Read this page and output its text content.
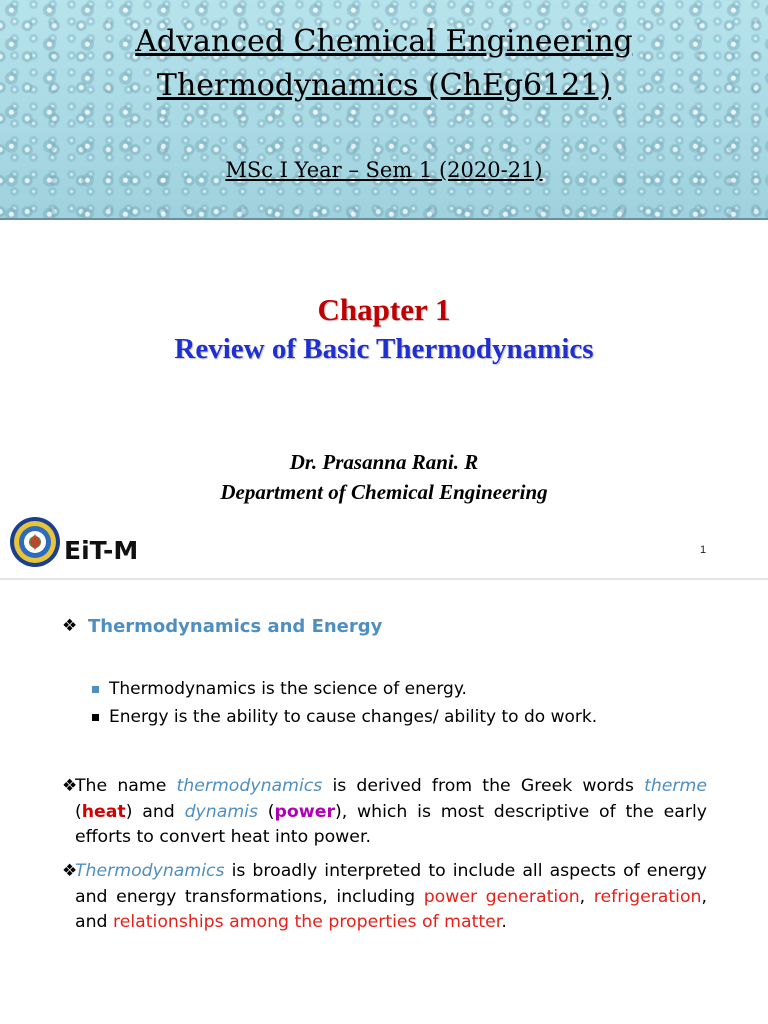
Advanced Chemical Engineering
Thermodynamics (ChEg6121)
MSc I Year – Sem 1 (2020-21)
Chapter 1
Review of Basic Thermodynamics
Dr. Prasanna Rani. R
Department of Chemical Engineering
EiT-M	1
❖ Thermodynamics and Energy
Thermodynamics is the science of energy.
Energy is the ability to cause changes/ ability to do work.
❖
The name thermodynamics is derived from the Greek words therme (heat) and dynamis (power), which is most descriptive of the early efforts to convert heat into power.
❖
Thermodynamics is broadly interpreted to include all aspects of energy and energy transformations, including power generation, refrigeration, and relationships among the properties of matter.
